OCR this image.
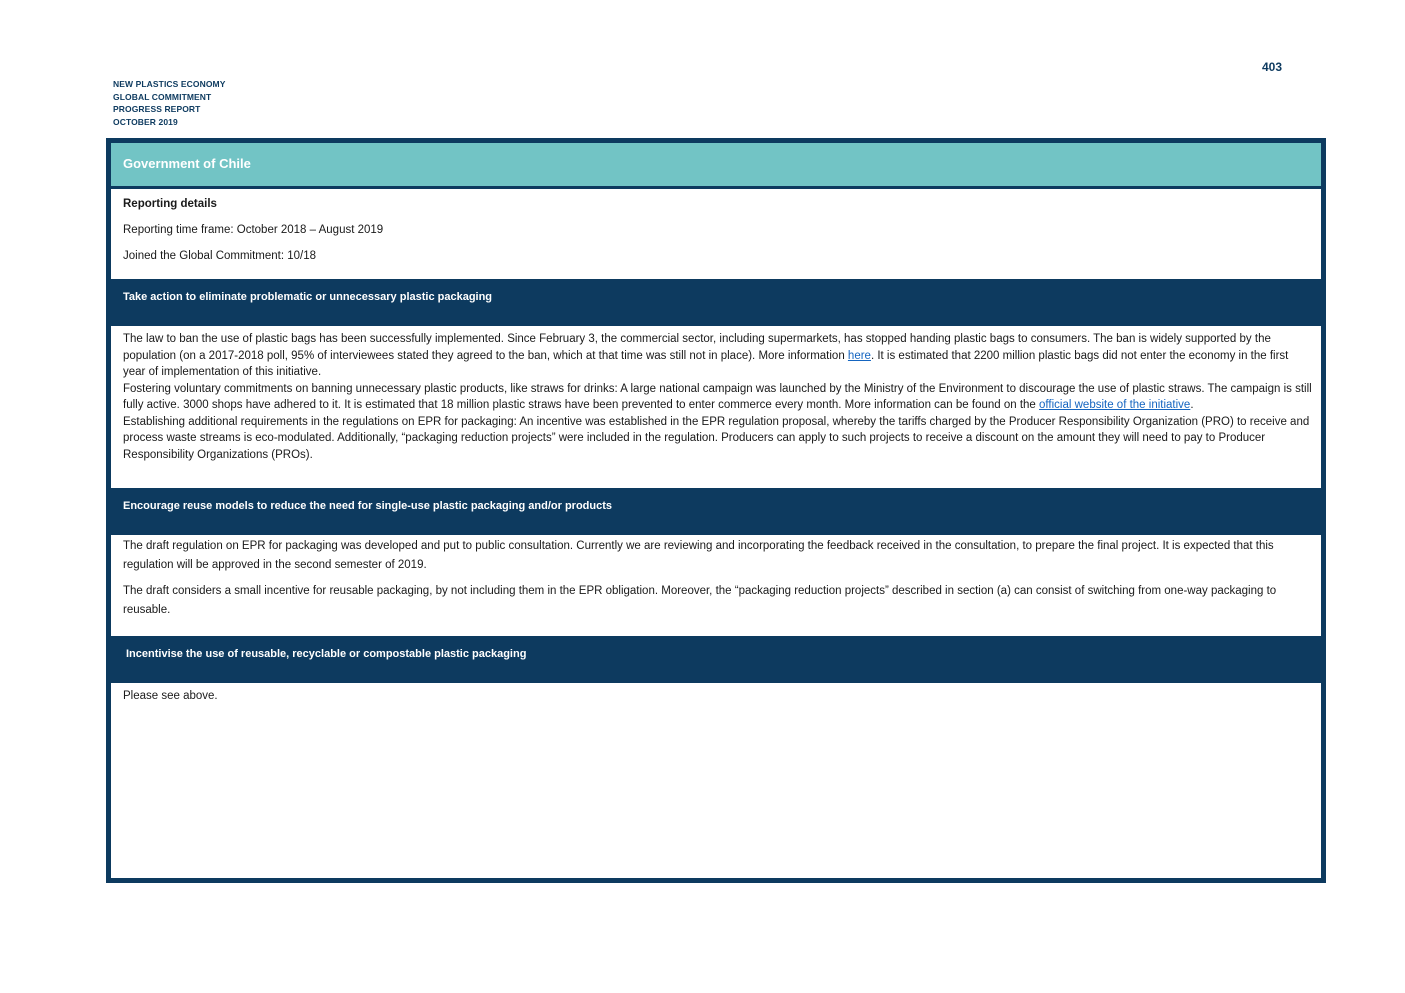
403
NEW PLASTICS ECONOMY
GLOBAL COMMITMENT
PROGRESS REPORT
OCTOBER 2019
Government of Chile

Reporting details

Reporting time frame: October 2018 – August 2019

Joined the Global Commitment: 10/18

Take action to eliminate problematic or unnecessary plastic packaging

The law to ban the use of plastic bags has been successfully implemented. Since February 3, the commercial sector, including supermarkets, has stopped handing plastic bags to consumers. The ban is widely supported by the population (on a 2017-2018 poll, 95% of interviewees stated they agreed to the ban, which at that time was still not in place). More information here. It is estimated that 2200 million plastic bags did not enter the economy in the first year of implementation of this initiative.

Fostering voluntary commitments on banning unnecessary plastic products, like straws for drinks: A large national campaign was launched by the Ministry of the Environment to discourage the use of plastic straws. The campaign is still fully active. 3000 shops have adhered to it. It is estimated that 18 million plastic straws have been prevented to enter commerce every month. More information can be found on the official website of the initiative.

Establishing additional requirements in the regulations on EPR for packaging: An incentive was established in the EPR regulation proposal, whereby the tariffs charged by the Producer Responsibility Organization (PRO) to receive and process waste streams is eco-modulated. Additionally, “packaging reduction projects” were included in the regulation. Producers can apply to such projects to receive a discount on the amount they will need to pay to Producer Responsibility Organizations (PROs).

Encourage reuse models to reduce the need for single-use plastic packaging and/or products

The draft regulation on EPR for packaging was developed and put to public consultation. Currently we are reviewing and incorporating the feedback received in the consultation, to prepare the final project. It is expected that this regulation will be approved in the second semester of 2019.

The draft considers a small incentive for reusable packaging, by not including them in the EPR obligation. Moreover, the “packaging reduction projects” described in section (a) can consist of switching from one-way packaging to reusable.

Incentivise the use of reusable, recyclable or compostable plastic packaging

Please see above.
